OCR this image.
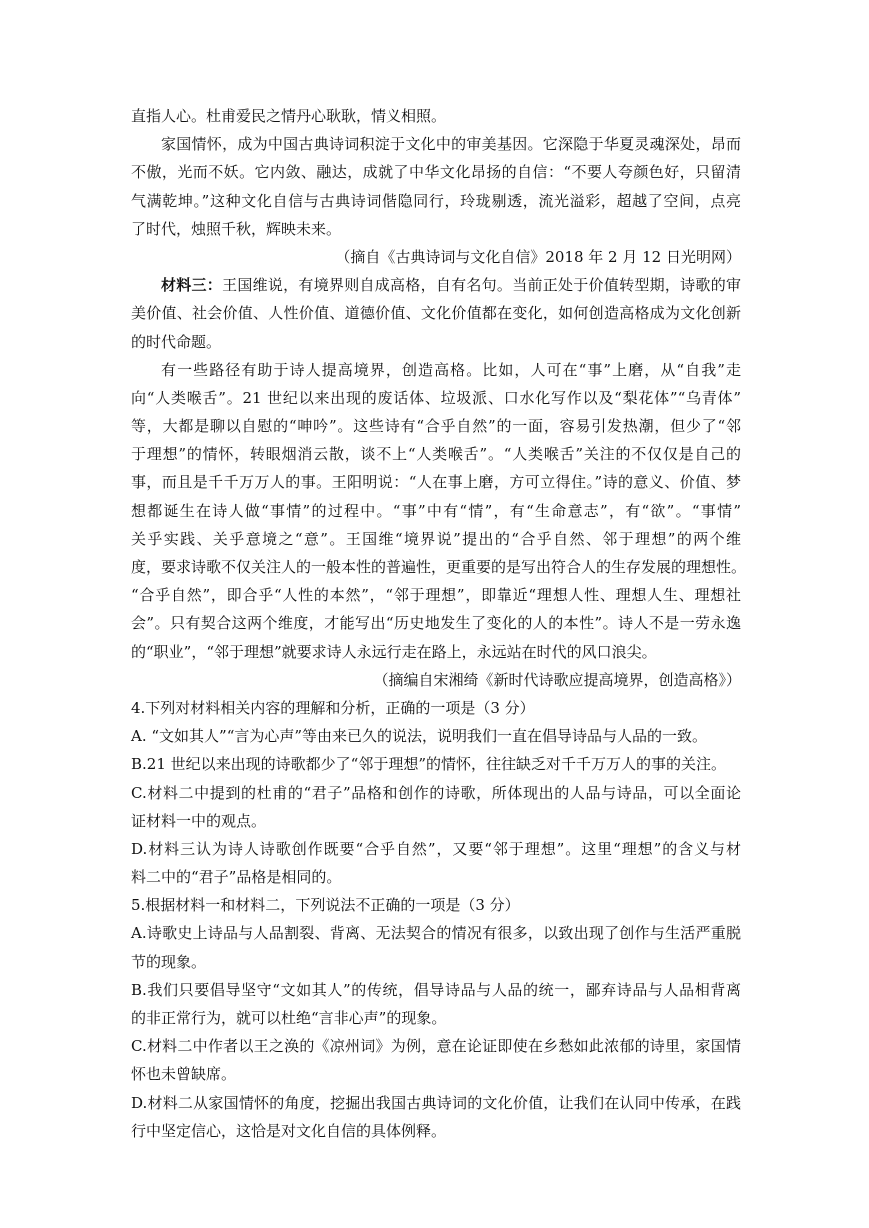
直指人心。杜甫爱民之情丹心耿耿，情义相照。
家国情怀，成为中国古典诗词积淀于文化中的审美基因。它深隐于华夏灵魂深处，昂而
不傲，光而不妖。它内敛、融达，成就了中华文化昂扬的自信：“不要人夸颜色好，只留清
气满乾坤。”这种文化自信与古典诗词偕隐同行，玲珑剔透，流光溢彩，超越了空间，点亮
了时代，烛照千秋，辉映未来。
（摘自《古典诗词与文化自信》2018 年 2 月 12 日光明网）
材料三：王国维说，有境界则自成高格，自有名句。当前正处于价值转型期，诗歌的审
美价值、社会价值、人性价值、道德价值、文化价值都在变化，如何创造高格成为文化创新
的时代命题。
有一些路径有助于诗人提高境界，创造高格。比如，人可在“事”上磨，从“自我”走
向“人类喉舌”。21 世纪以来出现的废话体、垃圾派、口水化写作以及“梨花体”“乌青体”
等，大都是聊以自慰的“呻吟”。这些诗有“合乎自然”的一面，容易引发热潮，但少了“邻
于理想”的情怀，转眼烟消云散，谈不上“人类喉舌”。“人类喉舌”关注的不仅仅是自己的
事，而且是千千万万人的事。王阳明说：“人在事上磨，方可立得住。”诗的意义、价值、梦
想都诞生在诗人做“事情”的过程中。“事”中有“情”，有“生命意志”，有“欲”。“事情”
关乎实践、关乎意境之“意”。王国维“境界说”提出的“合乎自然、邻于理想”的两个维
度，要求诗歌不仅关注人的一般本性的普遍性，更重要的是写出符合人的生存发展的理想性。
“合乎自然”，即合乎“人性的本然”，“邻于理想”，即靠近“理想人性、理想人生、理想社
会”。只有契合这两个维度，才能写出“历史地发生了变化的人的本性”。诗人不是一劳永逸
的“职业”，“邻于理想”就要求诗人永远行走在路上，永远站在时代的风口浪尖。
（摘编自宋湘绮《新时代诗歌应提高境界，创造高格》）
4.下列对材料相关内容的理解和分析，正确的一项是（3 分）
A. “文如其人”“言为心声”等由来已久的说法，说明我们一直在倡导诗品与人品的一致。
B.21 世纪以来出现的诗歌都少了“邻于理想”的情怀，往往缺乏对千千万万人的事的关注。
C.材料二中提到的杜甫的“君子”品格和创作的诗歌，所体现出的人品与诗品，可以全面论
证材料一中的观点。
D.材料三认为诗人诗歌创作既要“合乎自然”，又要“邻于理想”。这里“理想”的含义与材
料二中的“君子”品格是相同的。
5.根据材料一和材料二，下列说法不正确的一项是（3 分）
A.诗歌史上诗品与人品割裂、背离、无法契合的情况有很多，以致出现了创作与生活严重脱
节的现象。
B.我们只要倡导坚守“文如其人”的传统，倡导诗品与人品的统一，鄙弃诗品与人品相背离
的非正常行为，就可以杜绝“言非心声”的现象。
C.材料二中作者以王之涣的《凉州词》为例，意在论证即使在乡愁如此浓郁的诗里，家国情
怀也未曾缺席。
D.材料二从家国情怀的角度，挖掘出我国古典诗词的文化价值，让我们在认同中传承，在践
行中坚定信心，这恰是对文化自信的具体例释。
